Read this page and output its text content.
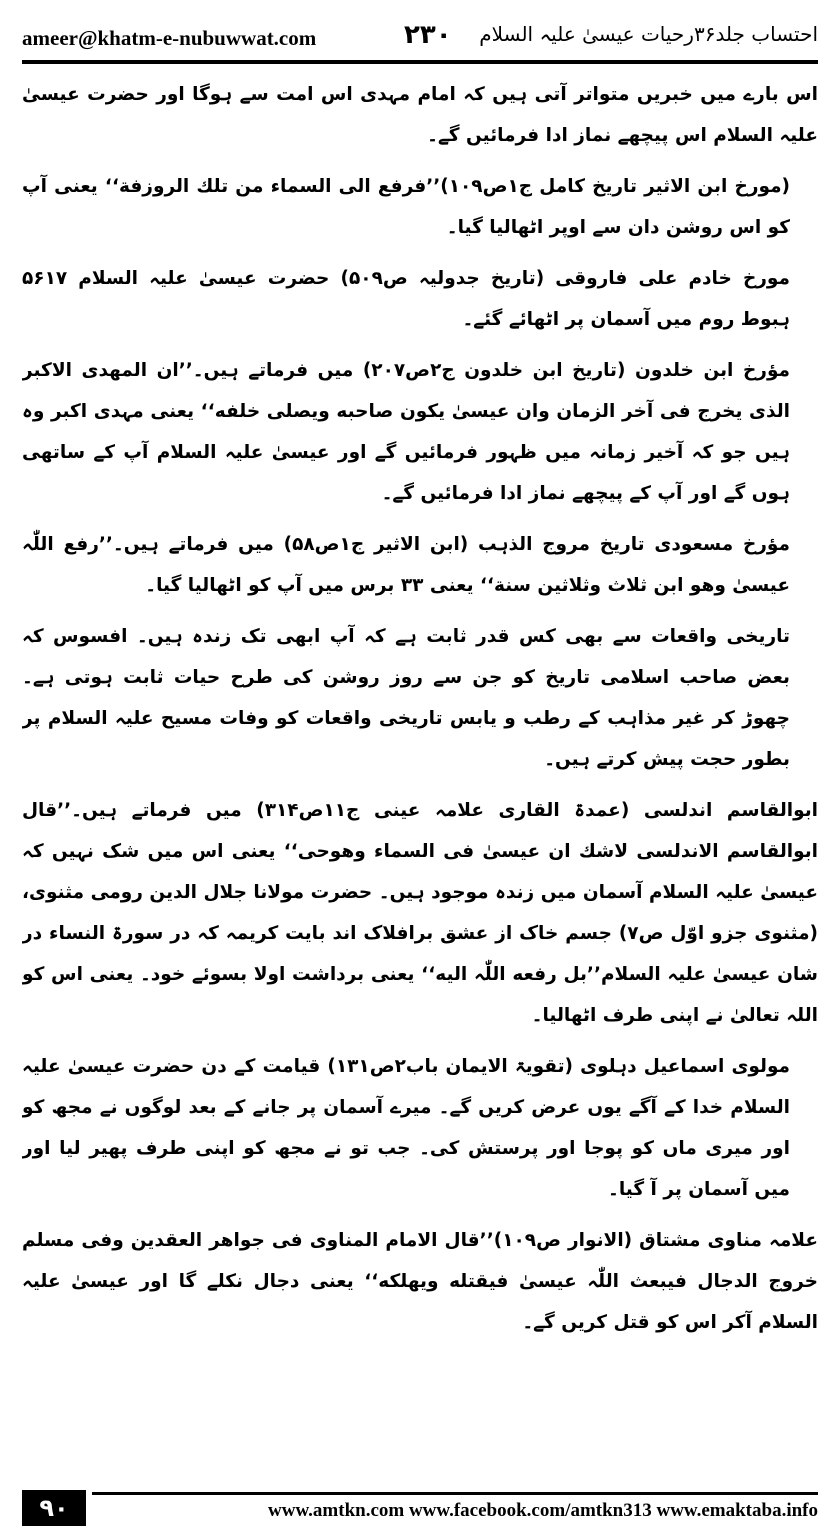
ameer@khatm-e-nubuwwat.com	۲۳۰ احتساب جلد۳۶رحیات عیسیٰ علیہ السلام

اس بارے میں خبریں متواتر آتی ہیں کہ امام مہدی اس امت سے ہوگا اور حضرت عیسیٰ علیہ السلام اس پیچھے نماز ادا فرمائیں گے۔

(مورخ ابن الاثیر تاریخ کامل ج۱ص۱۰۹)’’فرفع الی السماء من تلك الروزفة‘‘ یعنی آپ کو اس روشن دان سے اوپر اٹھالیا گیا۔

مورخ خادم علی فاروقی (تاریخ جدولیہ ص۵۰۹) حضرت عیسیٰ علیہ السلام ۵۶۱۷ ہبوط روم میں آسمان پر اٹھائے گئے۔

مؤرخ ابن خلدون (تاریخ ابن خلدون ج۲ص۲۰۷) میں فرماتے ہیں۔’’ان المهدی الاکبر الذی یخرج فی آخر الزمان وان عیسیٰ یکون صاحبه ویصلی خلفه‘‘ یعنی مہدی اکبر وہ ہیں جو کہ آخیر زمانہ میں ظہور فرمائیں گے اور عیسیٰ علیہ السلام آپ کے ساتھی ہوں گے اور آپ کے پیچھے نماز ادا فرمائیں گے۔

مؤرخ مسعودی تاریخ مروج الذہب (ابن الاثیر ج۱ص۵۸) میں فرماتے ہیں۔’’رفع اللّٰہ عیسیٰ وهو ابن ثلاث وثلاثین سنة‘‘ یعنی ۳۳ برس میں آپ کو اٹھالیا گیا۔

تاریخی واقعات سے بھی کس قدر ثابت ہے کہ آپ ابھی تک زندہ ہیں۔ افسوس کہ بعض صاحب اسلامی تاریخ کو جن سے روز روشن کی طرح حیات ثابت ہوتی ہے۔ چھوڑ کر غیر مذاہب کے رطب و یابس تاریخی واقعات کو وفات مسیح علیہ السلام پر بطور حجت پیش کرتے ہیں۔

ابوالقاسم اندلسی (عمدۃ القاری علامہ عینی ج۱۱ص۳۱۴) میں فرماتے ہیں۔’’قال ابوالقاسم الاندلسی لاشك ان عیسیٰ فی السماء وهوحی‘‘ یعنی اس میں شک نہیں کہ عیسیٰ علیہ السلام آسمان میں زندہ موجود ہیں۔ حضرت مولانا جلال الدین رومی مثنوی، (مثنوی جزو اوّل ص۷) جسم خاک از عشق برافلاک اند بایت کریمہ کہ در سورۃ النساء در شان عیسیٰ علیہ السلام’’بل رفعه اللّٰہ الیه‘‘ یعنی برداشت اولا بسوئے خود۔ یعنی اس کو اللہ تعالیٰ نے اپنی طرف اٹھالیا۔

مولوی اسماعیل دہلوی (تقویۃ الایمان باب۲ص۱۳۱) قیامت کے دن حضرت عیسیٰ علیہ السلام خدا کے آگے یوں عرض کریں گے۔ میرے آسمان پر جانے کے بعد لوگوں نے مجھ کو اور میری ماں کو پوجا اور پرستش کی۔ جب تو نے مجھ کو اپنی طرف پھیر لیا اور میں آسمان پر آ گیا۔

علامہ مناوی مشتاق (الانوار ص۱۰۹)’’قال الامام المناوی فی جواهر العقدین وفی مسلم خروج الدجال فیبعث اللّٰہ عیسیٰ فیقتله ویهلکه‘‘ یعنی دجال نکلے گا اور عیسیٰ علیہ السلام آکر اس کو قتل کریں گے۔

۹۰	www.amtkn.com www.facebook.com/amtkn313 www.emaktaba.info
